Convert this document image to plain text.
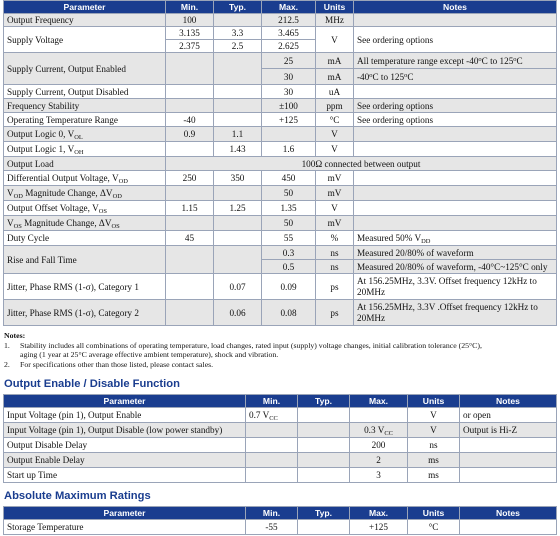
Parameter	Min.	Typ.	Max.	Units	Notes
Output Frequency	100		212.5	MHz	
Supply Voltage	3.135	3.3	3.465	V	See ordering options
	2.375	2.5	2.625		
Supply Current, Output Enabled			25	mA	All temperature range except -40$^o$C to 125$^o$C
			30	mA	-40$^o$C to 125$^o$C
Supply Current, Output Disabled			30	uA	
Frequency Stability			±100	ppm	See ordering options
Operating Temperature Range	-40		+125	°C	See ordering options
Output Logic 0, $V_{OL}$	0.9	1.1		V	
Output Logic 1, $V_{OH}$		1.43	1.6	V	
Output Load	100Ω connected between output				
Differential Output Voltage, $V_{OD}$	250	350	450	mV	
$V_{OD}$ Magnitude Change, $\Delta V_{OD}$			50	mV	
Output Offset Voltage, $V_{OS}$	1.15	1.25	1.35	V	
$V_{OS}$ Magnitude Change, $\Delta V_{OS}$			50	mV	
Duty Cycle	45		55	%	Measured 50% $V_{DD}$
Rise and Fall Time			0.3	ns	Measured 20/80% of waveform
			0.5	ns	Measured 20/80% of waveform, -40°C~125°C only
Jitter, Phase RMS (1-σ), Category 1		0.07	0.09	ps	At 156.25MHz, 3.3V. Offset frequency 12kHz to 20MHz
Jitter, Phase RMS (1-σ), Category 2		0.06	0.08	ps	At 156.25MHz, 3.3V .Offset frequency 12kHz to 20MHz
Notes:
1. Stability includes all combinations of operating temperature, load changes, rated input (supply) voltage changes, initial calibration tolerance (25°C),
aging (1 year at 25°C average effective ambient temperature), shock and vibration.
2. For specifications other than those listed, please contact sales.
Output Enable / Disable Function
Parameter	Min.	Typ.	Max.	Units	Notes
Input Voltage (pin 1), Output Enable	0.7 $V_{CC}$			V	or open
Input Voltage (pin 1), Output Disable (low power standby)			0.3 $V_{CC}$	V	Output is Hi-Z
Output Disable Delay			200	ns	
Output Enable Delay			2	ms	
Start up Time			3	ms	
Absolute Maximum Ratings
Parameter	Min.	Typ.	Max.	Units	Notes
Storage Temperature	-55		+125	°C	
